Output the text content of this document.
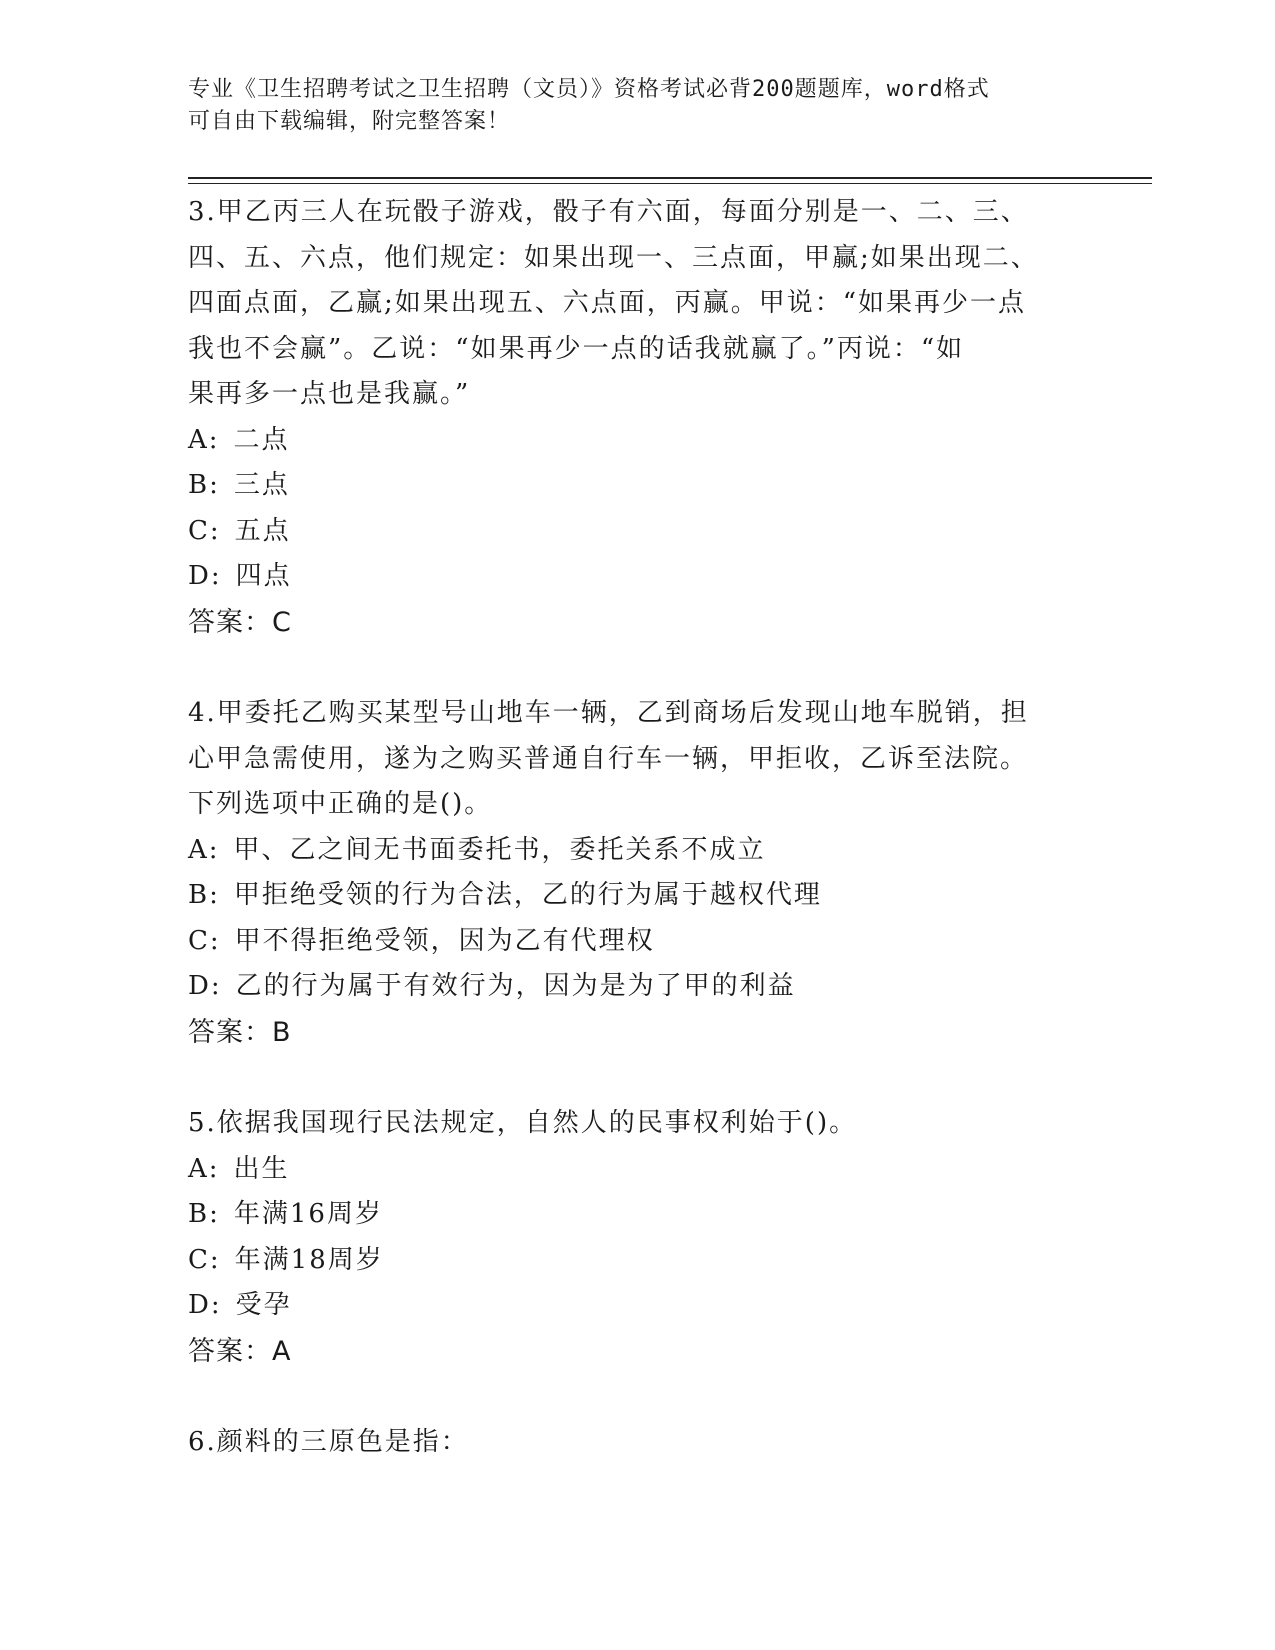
专业《卫生招聘考试之卫生招聘（文员）》资格考试必背200题题库，word格式
可自由下载编辑，附完整答案！
3.甲乙丙三人在玩骰子游戏，骰子有六面，每面分别是一、二、三、
四、五、六点，他们规定：如果出现一、三点面，甲赢;如果出现二、
四面点面，乙赢;如果出现五、六点面，丙赢。甲说：“如果再少一点
我也不会赢”。乙说：“如果再少一点的话我就赢了。”丙说：“如
果再多一点也是我赢。”
A: 二点
B: 三点
C: 五点
D: 四点
答案：C
4.甲委托乙购买某型号山地车一辆，乙到商场后发现山地车脱销，担
心甲急需使用，遂为之购买普通自行车一辆，甲拒收，乙诉至法院。
下列选项中正确的是()。
A: 甲、乙之间无书面委托书，委托关系不成立
B: 甲拒绝受领的行为合法，乙的行为属于越权代理
C: 甲不得拒绝受领，因为乙有代理权
D: 乙的行为属于有效行为，因为是为了甲的利益
答案：B
5.依据我国现行民法规定，自然人的民事权利始于()。
A: 出生
B: 年满16周岁
C: 年满18周岁
D: 受孕
答案：A
6.颜料的三原色是指：
